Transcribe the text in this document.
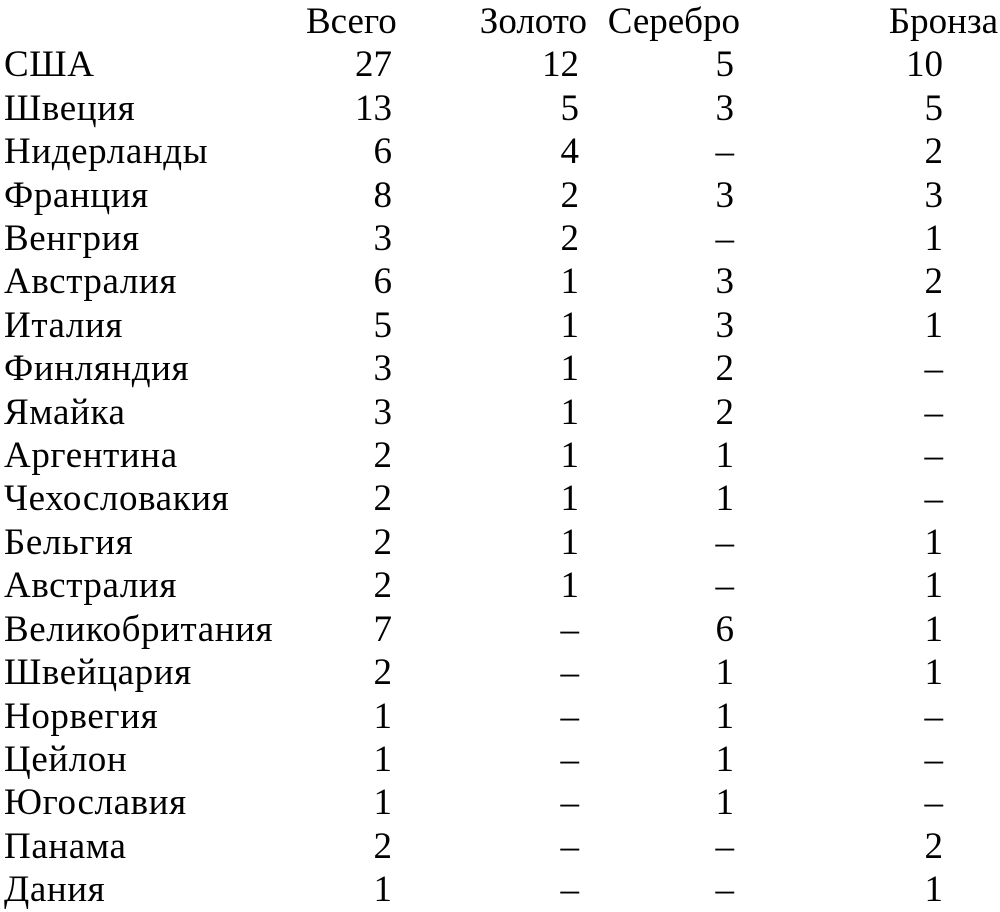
	Всего	Золото	Серебро	Бронза
США	27	12	5	10
Швеция	13	5	3	5
Нидерланды	6	4	–	2
Франция	8	2	3	3
Венгрия	3	2	–	1
Австралия	6	1	3	2
Италия	5	1	3	1
Финляндия	3	1	2	–
Ямайка	3	1	2	–
Аргентина	2	1	1	–
Чехословакия	2	1	1	–
Бельгия	2	1	–	1
Австралия	2	1	–	1
Великобритания	7	–	6	1
Швейцария	2	–	1	1
Норвегия	1	–	1	–
Цейлон	1	–	1	–
Югославия	1	–	1	–
Панама	2	–	–	2
Дания	1	–	–	1
